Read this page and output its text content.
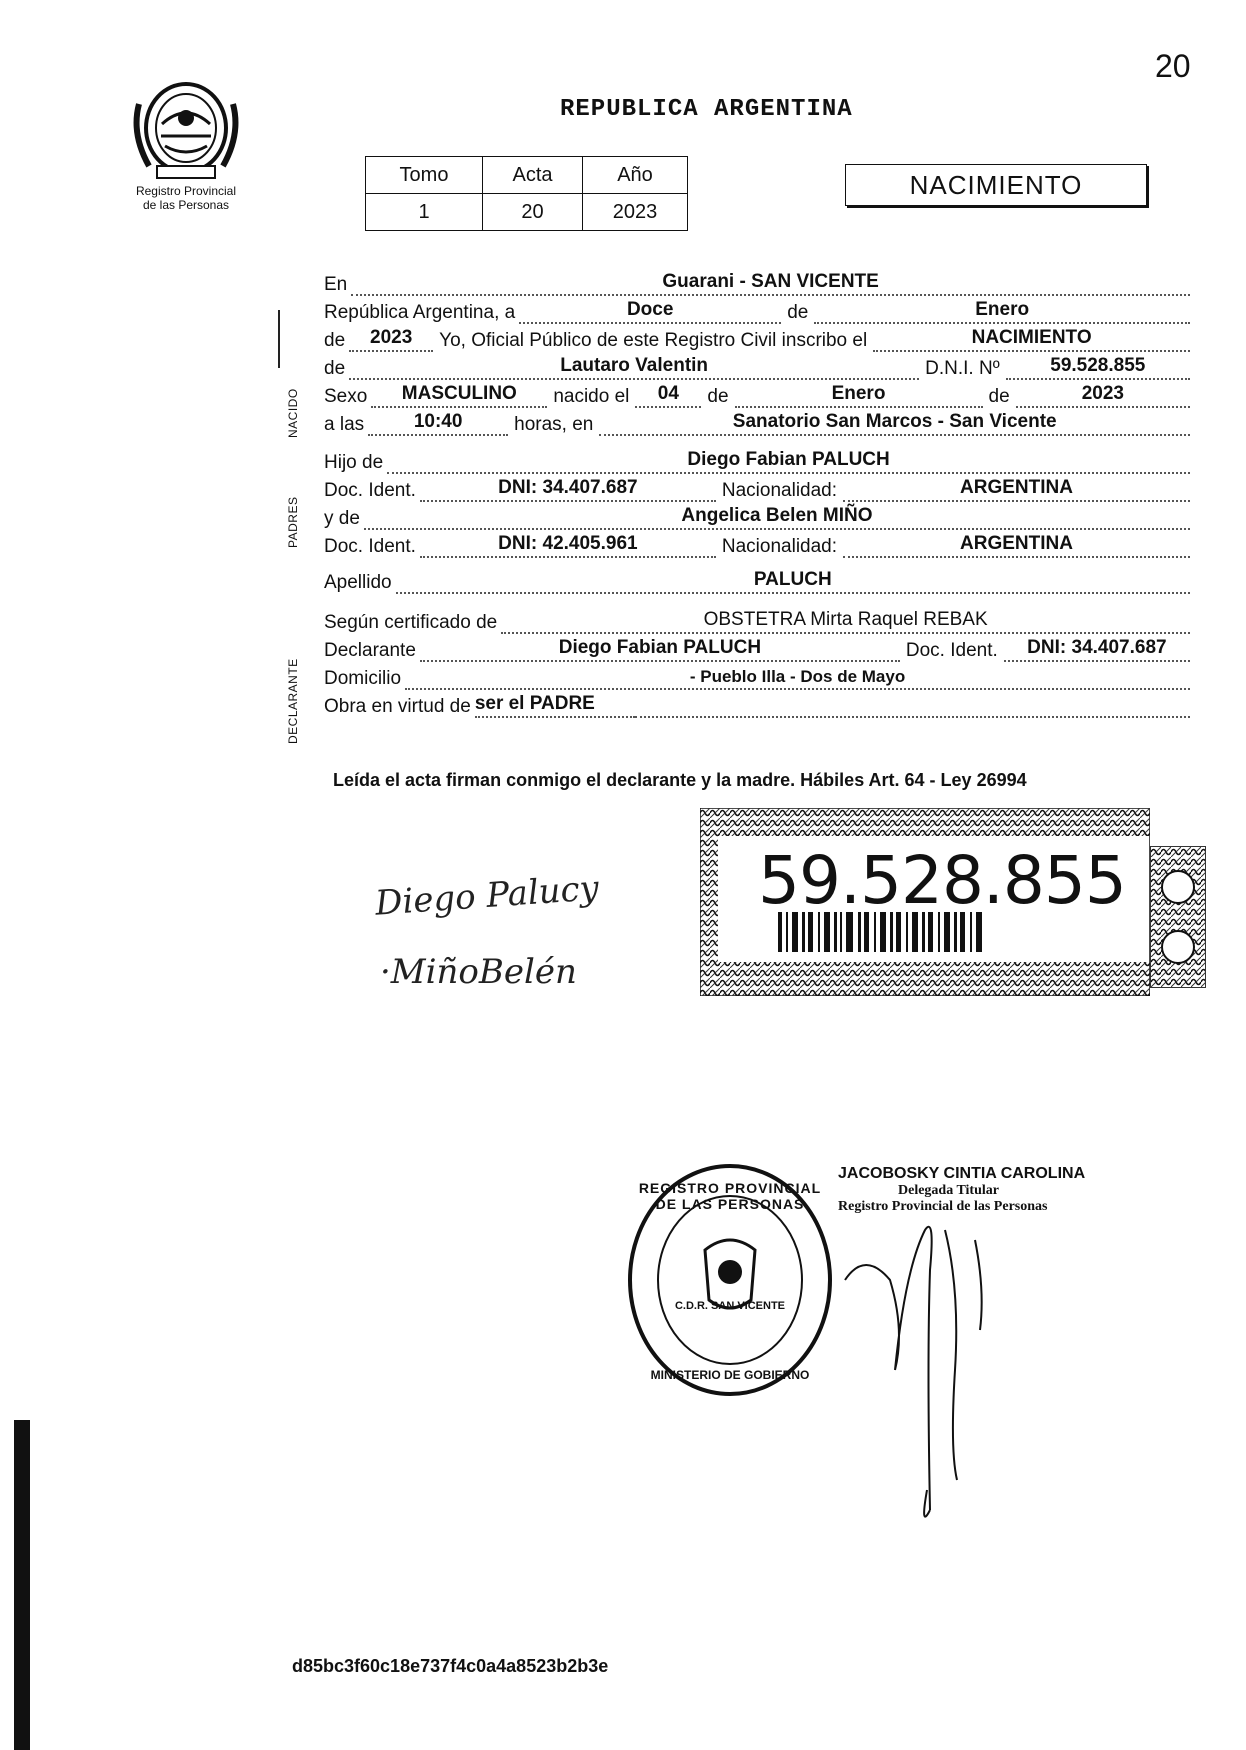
20
Registro Provincial
de las Personas
REPUBLICA ARGENTINA
Tomo	Acta	Año
1	20	2023
NACIMIENTO
NACIDO
PADRES
DECLARANTE
En	Guarani - SAN VICENTE
República Argentina, a	Doce	de	Enero
de	2023	Yo, Oficial Público de este Registro Civil inscribo el	NACIMIENTO
de	Lautaro Valentin	D.N.I. Nº	59.528.855
Sexo	MASCULINO	nacido el	04	de	Enero	de	2023
a las	10:40	horas, en	Sanatorio San Marcos - San Vicente
Hijo de	Diego Fabian PALUCH
Doc. Ident.	DNI: 34.407.687	Nacionalidad:	ARGENTINA
y de	Angelica Belen MIÑO
Doc. Ident.	DNI: 42.405.961	Nacionalidad:	ARGENTINA
Apellido	PALUCH
Según certificado de	OBSTETRA Mirta Raquel REBAK
Declarante	Diego Fabian PALUCH	Doc. Ident.	DNI: 34.407.687
Domicilio	- Pueblo Illa - Dos de Mayo
Obra en virtud de ser el PADRE
Leída el acta firman conmigo el declarante y la madre. Hábiles Art. 64 - Ley 26994
Diego Palucy
·MiñoBelén
59.528.855
REGISTRO PROVINCIAL DE LAS PERSONAS
C.D.R. SAN VICENTE
MINISTERIO DE GOBIERNO
JACOBOSKY CINTIA CAROLINA
Delegada Titular
Registro Provincial de las Personas
d85bc3f60c18e737f4c0a4a8523b2b3e
